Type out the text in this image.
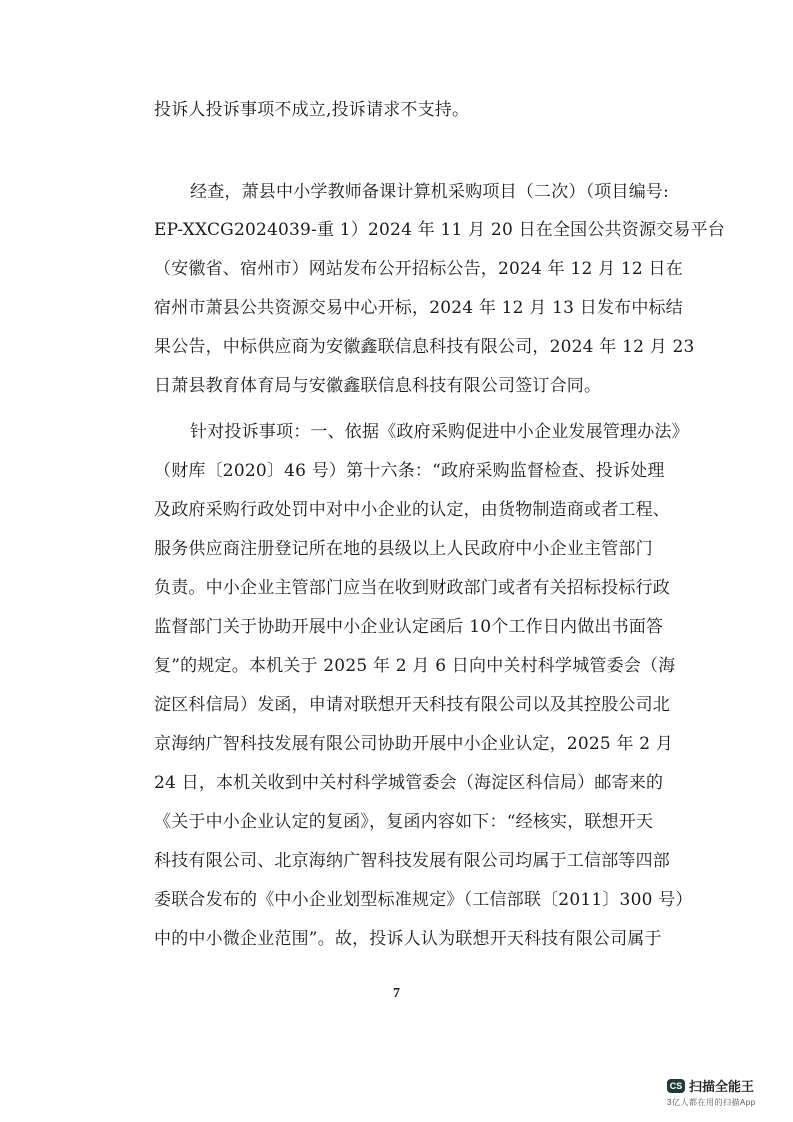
投诉人投诉事项不成立,投诉请求不支持。
经查，萧县中小学教师备课计算机采购项目（二次）（项目编号:
EP-XXCG2024039-重 1）2024 年 11 月 20 日在全国公共资源交易平台
（安徽省、宿州市）网站发布公开招标公告，2024 年 12 月 12 日在
宿州市萧县公共资源交易中心开标，2024 年 12 月 13 日发布中标结
果公告，中标供应商为安徽鑫联信息科技有限公司，2024 年 12 月 23
日萧县教育体育局与安徽鑫联信息科技有限公司签订合同。
针对投诉事项：一、依据《政府采购促进中小企业发展管理办法》
（财库〔2020〕46 号）第十六条：“政府采购监督检查、投诉处理
及政府采购行政处罚中对中小企业的认定，由货物制造商或者工程、
服务供应商注册登记所在地的县级以上人民政府中小企业主管部门
负责。中小企业主管部门应当在收到财政部门或者有关招标投标行政
监督部门关于协助开展中小企业认定函后 10个工作日内做出书面答
复”的规定。本机关于 2025 年 2 月 6 日向中关村科学城管委会（海
淀区科信局）发函，申请对联想开天科技有限公司以及其控股公司北
京海纳广智科技发展有限公司协助开展中小企业认定，2025 年 2 月
24 日，本机关收到中关村科学城管委会（海淀区科信局）邮寄来的
《关于中小企业认定的复函》，复函内容如下：“经核实，联想开天
科技有限公司、北京海纳广智科技发展有限公司均属于工信部等四部
委联合发布的《中小企业划型标准规定》（工信部联〔2011〕300 号）
中的中小微企业范围”。故，投诉人认为联想开天科技有限公司属于
7
CS 扫描全能王
3亿人都在用的扫描App
